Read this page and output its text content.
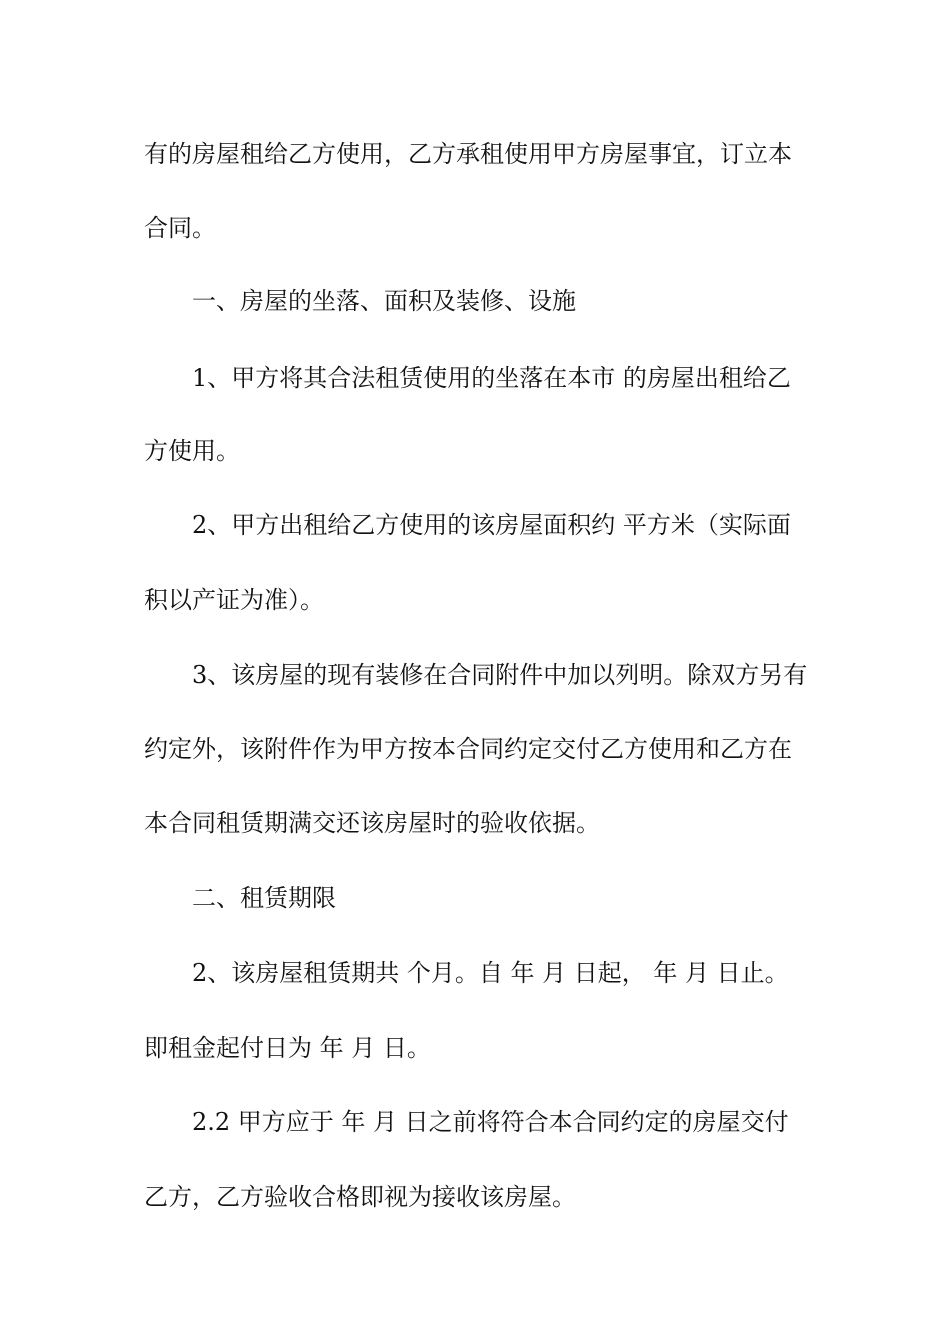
有的房屋租给乙方使用，乙方承租使用甲方房屋事宜，订立本
合同。
一、房屋的坐落、面积及装修、设施
1、甲方将其合法租赁使用的坐落在本市 的房屋出租给乙
方使用。
2、甲方出租给乙方使用的该房屋面积约 平方米（实际面
积以产证为准）。
3、该房屋的现有装修在合同附件中加以列明。除双方另有
约定外，该附件作为甲方按本合同约定交付乙方使用和乙方在
本合同租赁期满交还该房屋时的验收依据。
二、租赁期限
2、该房屋租赁期共 个月。自 年 月 日起， 年 月 日止。
即租金起付日为 年 月 日。
2.2 甲方应于 年 月 日之前将符合本合同约定的房屋交付
乙方，乙方验收合格即视为接收该房屋。
